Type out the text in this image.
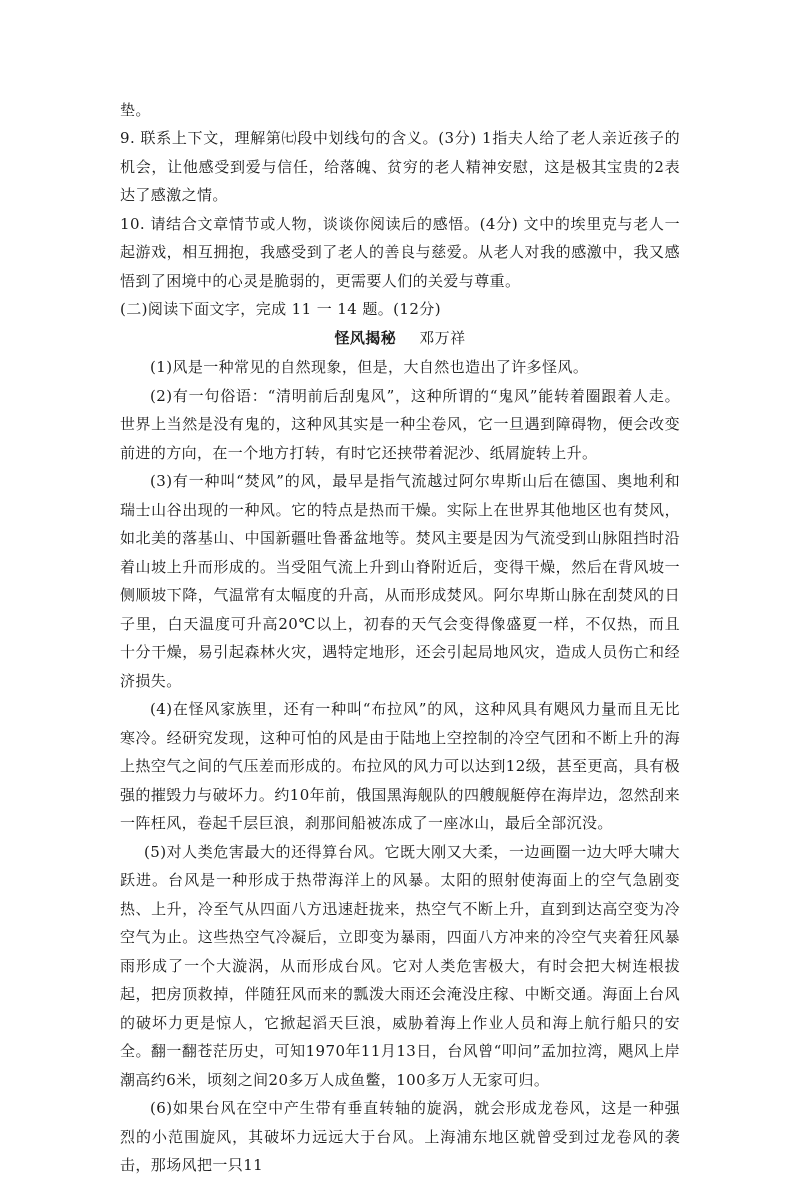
垫。

9. 联系上下文，理解第㈦段中划线句的含义。(3分) 1指夫人给了老人亲近孩子的机会，让他感受到爱与信任，给落魄、贫穷的老人精神安慰，这是极其宝贵的2表达了感激之情。

10. 请结合文章情节或人物，谈谈你阅读后的感悟。(4分) 文中的埃里克与老人一起游戏，相互拥抱，我感受到了老人的善良与慈爱。从老人对我的感激中，我又感悟到了困境中的心灵是脆弱的，更需要人们的关爱与尊重。

(二)阅读下面文字，完成 11 一 14 题。(12分)

怪风揭秘 邓万祥

(1)风是一种常见的自然现象，但是，大自然也造出了许多怪风。

(2)有一句俗语：“清明前后刮鬼风”，这种所谓的“鬼风”能转着圈跟着人走。世界上当然是没有鬼的，这种风其实是一种尘卷风，它一旦遇到障碍物，便会改变前进的方向，在一个地方打转，有时它还挟带着泥沙、纸屑旋转上升。

(3)有一种叫“焚风”的风，最早是指气流越过阿尔卑斯山后在德国、奥地利和瑞士山谷出现的一种风。它的特点是热而干燥。实际上在世界其他地区也有焚风，如北美的落基山、中国新疆吐鲁番盆地等。焚风主要是因为气流受到山脉阻挡时沿着山坡上升而形成的。当受阻气流上升到山脊附近后，变得干燥，然后在背风坡一侧顺坡下降，气温常有太幅度的升高，从而形成焚风。阿尔卑斯山脉在刮焚风的日子里，白天温度可升高20℃以上，初春的天气会变得像盛夏一样，不仅热，而且十分干燥，易引起森林火灾，遇特定地形，还会引起局地风灾，造成人员伤亡和经济损失。

(4)在怪风家族里，还有一种叫“布拉风”的风，这种风具有飓风力量而且无比寒冷。经研究发现，这种可怕的风是由于陆地上空控制的冷空气团和不断上升的海上热空气之间的气压差而形成的。布拉风的风力可以达到12级，甚至更高，具有极强的摧毁力与破坏力。约10年前，俄国黑海舰队的四艘舰艇停在海岸边，忽然刮来一阵枉风，卷起千层巨浪，刹那间船被冻成了一座冰山，最后全部沉没。

(5)对人类危害最大的还得算台风。它既大刚又大柔，一边画圈一边大呼大啸大跃进。台风是一种形成于热带海洋上的风暴。太阳的照射使海面上的空气急剧变热、上升，冷至气从四面八方迅速赶拢来，热空气不断上升，直到到达高空变为冷空气为止。这些热空气冷凝后，立即变为暴雨，四面八方冲来的冷空气夹着狂风暴雨形成了一个大漩涡，从而形成台风。它对人类危害极大，有时会把大树连根拔起，把房顶救掉，伴随狂风而来的瓢泼大雨还会淹没庄稼、中断交通。海面上台风的破坏力更是惊人，它掀起滔天巨浪，威胁着海上作业人员和海上航行船只的安全。翻一翻苍茫历史，可知1970年11月13日，台风曾“叩问”孟加拉湾，飓风上岸潮高约6米，顷刻之间20多万人成鱼鳖，100多万人无家可归。

(6)如果台风在空中产生带有垂直转轴的旋涡，就会形成龙卷风，这是一种强烈的小范围旋风，其破坏力远远大于台风。上海浦东地区就曾受到过龙卷风的袭击，那场风把一只11
